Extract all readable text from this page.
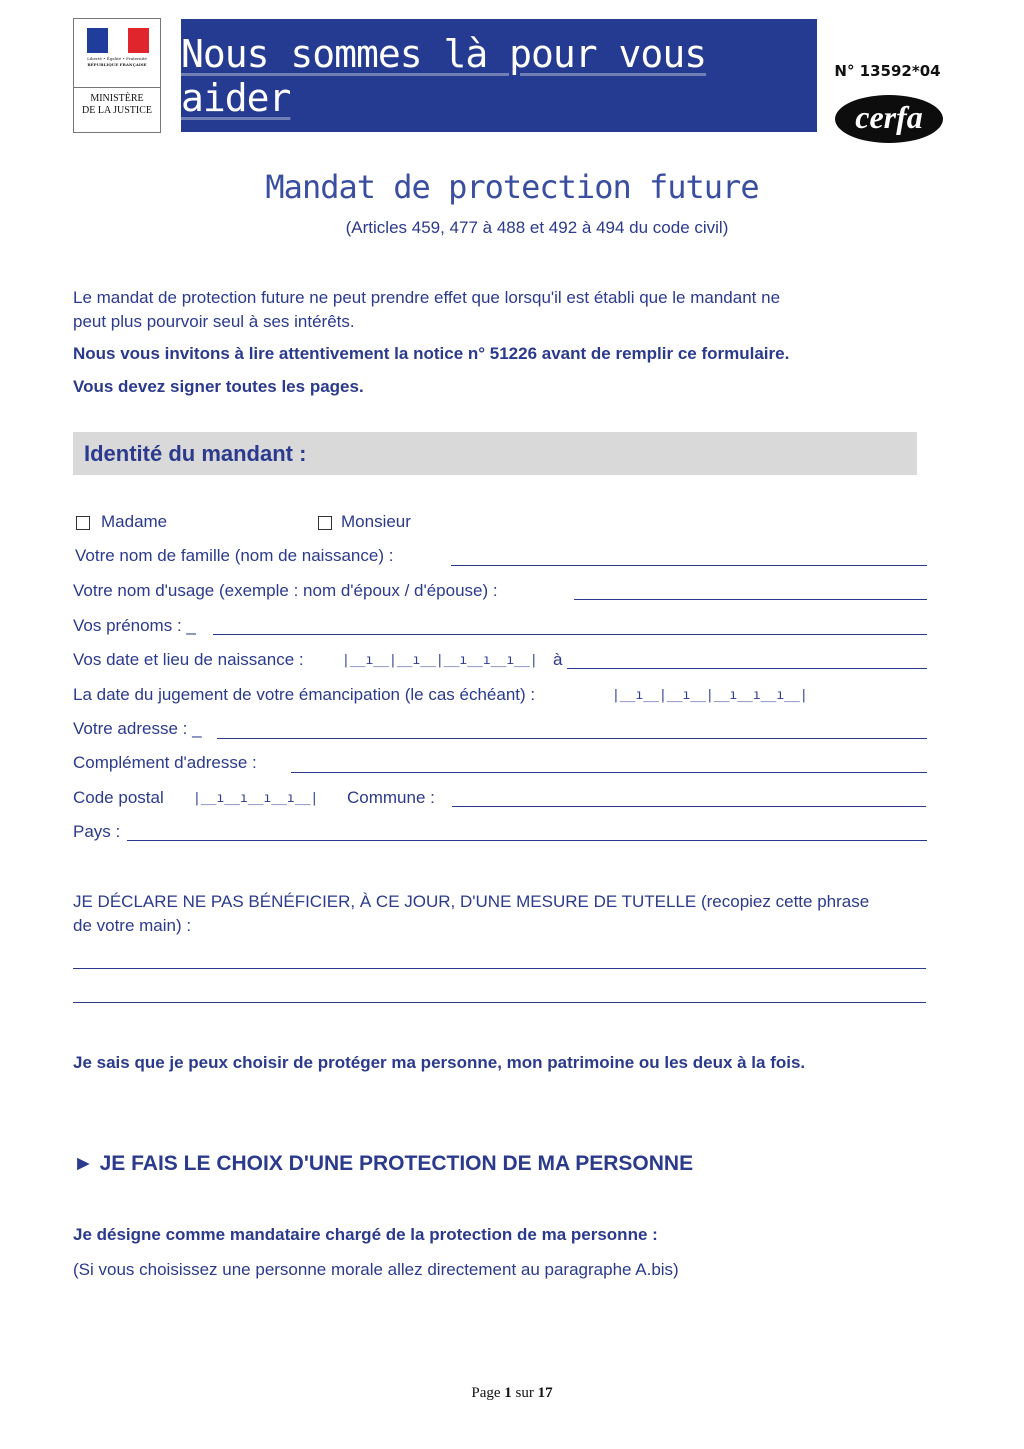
Liberté • Égalité • Fraternité
RÉPUBLIQUE FRANÇAISE
MINISTÈRE
DE LA JUSTICE
Nous sommes là pour vous aider
N° 13592*04
cerfa
Mandat de protection future
(Articles 459, 477 à 488 et 492 à 494 du code civil)
Le mandat de protection future ne peut prendre effet que lorsqu'il est établi que le mandant ne
peut plus pourvoir seul à ses intérêts.
Nous vous invitons à lire attentivement la notice n° 51226 avant de remplir ce formulaire.
Vous devez signer toutes les pages.
Identité du mandant :
Madame	Monsieur
Votre nom de famille (nom de naissance) :
Votre nom d'usage (exemple : nom d'époux / d'épouse) :
Vos prénoms : _
Vos date et lieu de naissance :	|__ı__|__ı__|__ı__ı__ı__| à
La date du jugement de votre émancipation (le cas échéant) :	|__ı__|__ı__|__ı__ı__ı__|
Votre adresse : _
Complément d'adresse :
Code postal |__ı__ı__ı__ı__| Commune :
Pays :
JE DÉCLARE NE PAS BÉNÉFICIER, À CE JOUR, D'UNE MESURE DE TUTELLE (recopiez cette phrase
de votre main) :
Je sais que je peux choisir de protéger ma personne, mon patrimoine ou les deux à la fois.
► JE FAIS LE CHOIX D'UNE PROTECTION DE MA PERSONNE
Je désigne comme mandataire chargé de la protection de ma personne :
(Si vous choisissez une personne morale allez directement au paragraphe A.bis)
Page 1 sur 17
